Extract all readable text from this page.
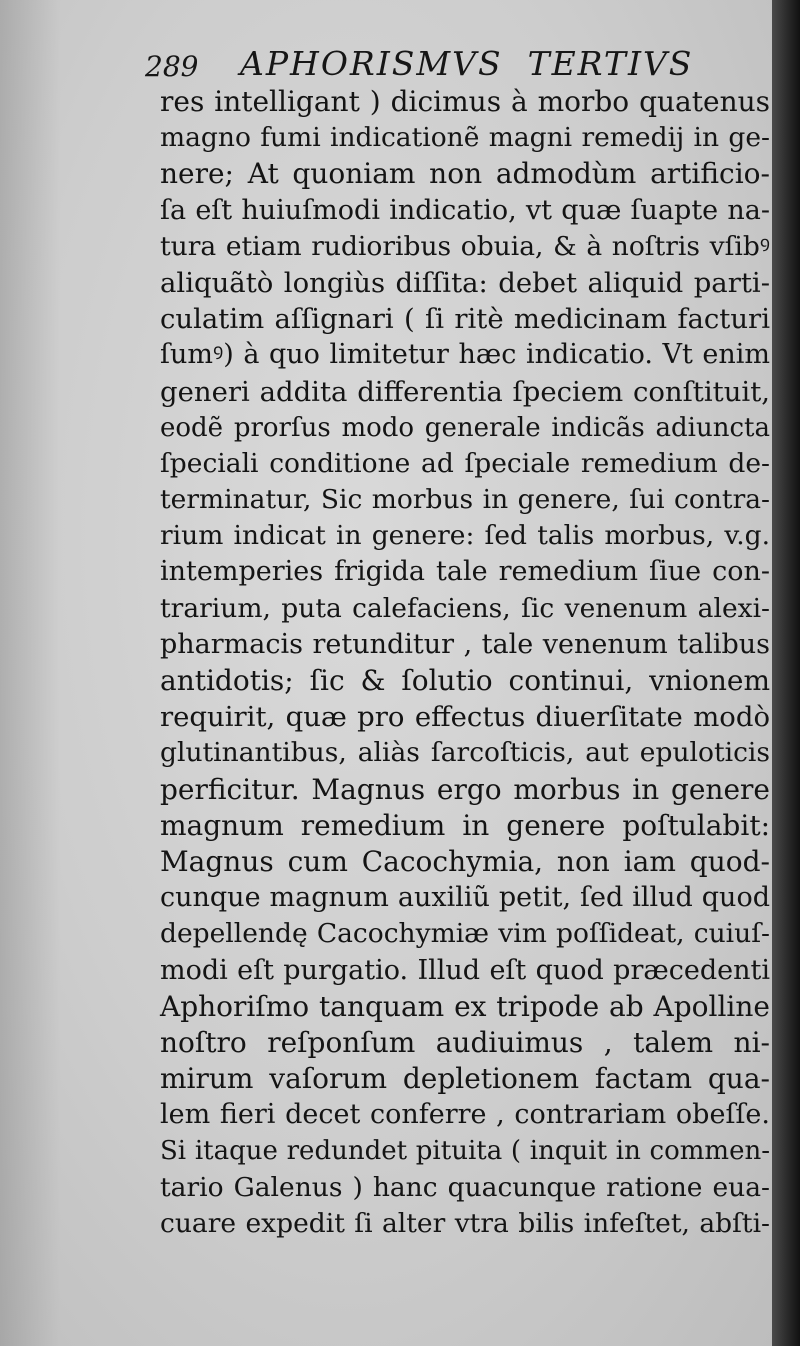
289 APHORISMVS  TERTIVS
res intelligant ) dicimus à morbo quatenus
magno fumi indicationẽ magni remedij in ge-
nere; At quoniam non admodùm artificio-
ſa eſt huiuſmodi indicatio, vt quæ ſuapte na-
tura etiam rudioribus obuia, & à noſtris vſibꝰ
aliquãtò longiùs diſſita: debet aliquid parti-
culatim aſſignari ( ſi ritè medicinam facturi
ſumꝰ) à quo limitetur hæc indicatio. Vt enim
generi addita differentia ſpeciem conſtituit,
eodẽ prorſus modo generale indicãs adiuncta
ſpeciali conditione ad ſpeciale remedium de-
terminatur, Sic morbus in genere, ſui contra-
rium indicat in genere: ſed talis morbus, v.g.
intemperies frigida tale remedium ſiue con-
trarium, puta calefaciens, ſic venenum alexi-
pharmacis retunditur , tale venenum talibus
antidotis; ſic & ſolutio continui, vnionem
requirit, quæ pro effectus diuerſitate modò
glutinantibus, aliàs ſarcoſticis, aut epuloticis
perficitur. Magnus ergo morbus in genere
magnum remedium in genere poſtulabit:
Magnus cum Cacochymia, non iam quod-
cunque magnum auxiliũ petit, ſed illud quod
depellendę Cacochymiæ vim poſſideat, cuiuſ-
modi eſt purgatio. Illud eſt quod præcedenti
Aphoriſmo tanquam ex tripode ab Apolline
noſtro reſponſum audiuimus , talem ni-
mirum vaſorum depletionem factam qua-
lem fieri decet conferre , contrariam obeſſe.
Si itaque redundet pituita ( inquit in commen-
tario Galenus ) hanc quacunque ratione eua-
cuare expedit ſi alter vtra bilis infeſtet, abſti-
